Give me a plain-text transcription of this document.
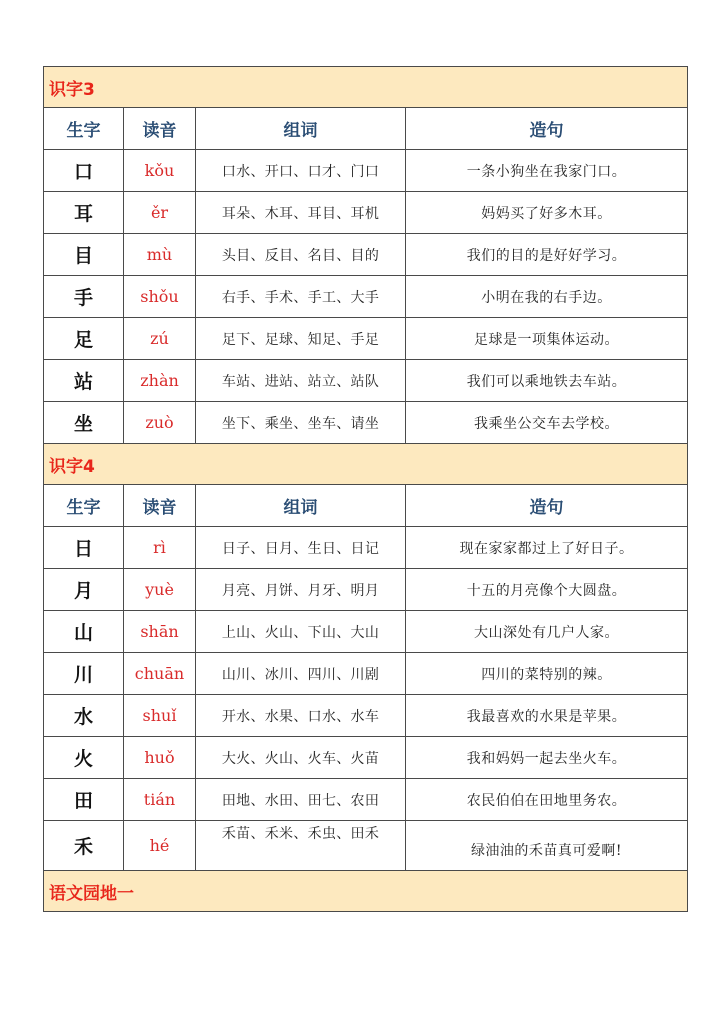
识字3			
生字	读音	组词	造句
口	kǒu	口水、开口、口才、门口	一条小狗坐在我家门口。
耳	ěr	耳朵、木耳、耳目、耳机	妈妈买了好多木耳。
目	mù	头目、反目、名目、目的	我们的目的是好好学习。
手	shǒu	右手、手术、手工、大手	小明在我的右手边。
足	zú	足下、足球、知足、手足	足球是一项集体运动。
站	zhàn	车站、进站、站立、站队	我们可以乘地铁去车站。
坐	zuò	坐下、乘坐、坐车、请坐	我乘坐公交车去学校。
识字4			
生字	读音	组词	造句
日	rì	日子、日月、生日、日记	现在家家都过上了好日子。
月	yuè	月亮、月饼、月牙、明月	十五的月亮像个大圆盘。
山	shān	上山、火山、下山、大山	大山深处有几户人家。
川	chuān	山川、冰川、四川、川剧	四川的菜特别的辣。
水	shuǐ	开水、水果、口水、水车	我最喜欢的水果是苹果。
火	huǒ	大火、火山、火车、火苗	我和妈妈一起去坐火车。
田	tián	田地、水田、田七、农田	农民伯伯在田地里务农。
禾	hé	禾苗、禾米、禾虫、田禾	绿油油的禾苗真可爱啊!
语文园地一			
